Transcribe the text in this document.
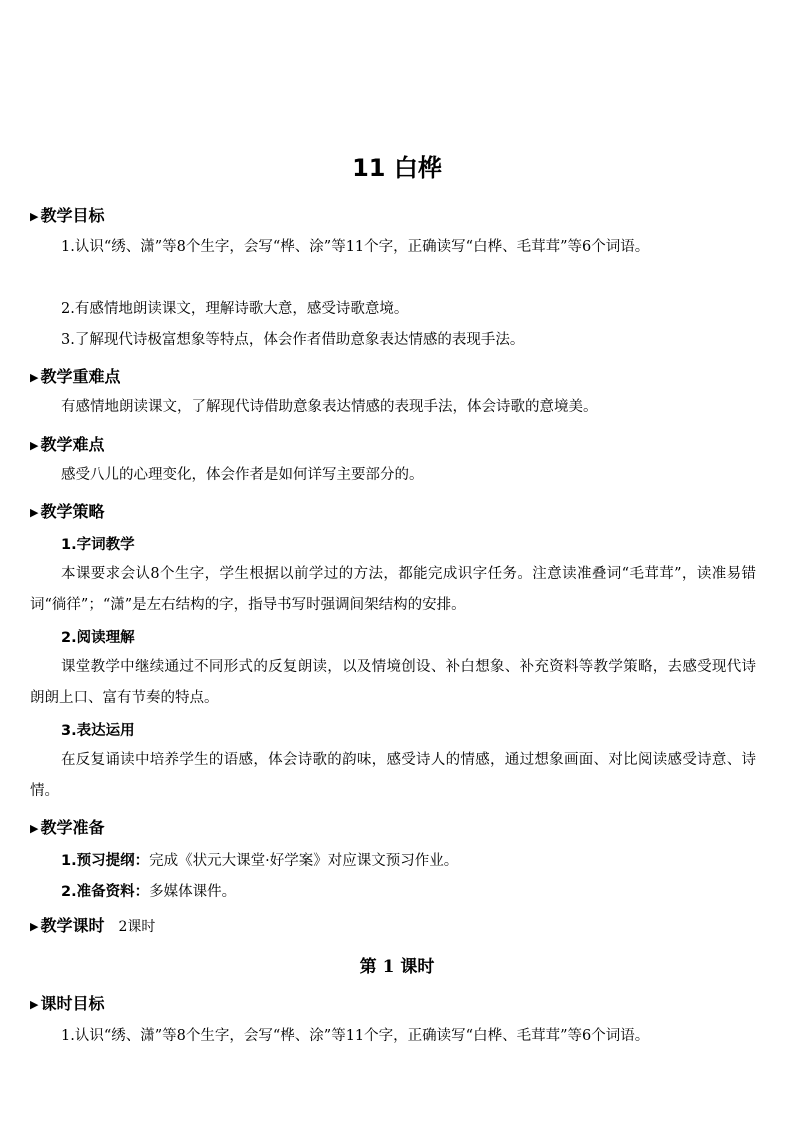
11 白桦
▶ 教学目标
1.认识“绣、潇”等8个生字，会写“桦、涂”等11个字，正确读写“白桦、毛茸茸”等6个词语。
2.有感情地朗读课文，理解诗歌大意，感受诗歌意境。
3.了解现代诗极富想象等特点，体会作者借助意象表达情感的表现手法。
▶ 教学重难点
有感情地朗读课文，了解现代诗借助意象表达情感的表现手法，体会诗歌的意境美。
▶ 教学难点
感受八儿的心理变化，体会作者是如何详写主要部分的。
▶ 教学策略
1.字词教学
本课要求会认8个生字，学生根据以前学过的方法，都能完成识字任务。注意读准叠词“毛茸茸”，读准易错词“徜徉”；“潇”是左右结构的字，指导书写时强调间架结构的安排。
2.阅读理解
课堂教学中继续通过不同形式的反复朗读，以及情境创设、补白想象、补充资料等教学策略，去感受现代诗朗朗上口、富有节奏的特点。
3.表达运用
在反复诵读中培养学生的语感，体会诗歌的韵味，感受诗人的情感，通过想象画面、对比阅读感受诗意、诗情。
▶ 教学准备
1.预习提纲：完成《状元大课堂·好学案》对应课文预习作业。
2.准备资料：多媒体课件。
▶ 教学课时 2课时
第 1 课时
▶ 课时目标
1.认识“绣、潇”等8个生字，会写“桦、涂”等11个字，正确读写“白桦、毛茸茸”等6个词语。
